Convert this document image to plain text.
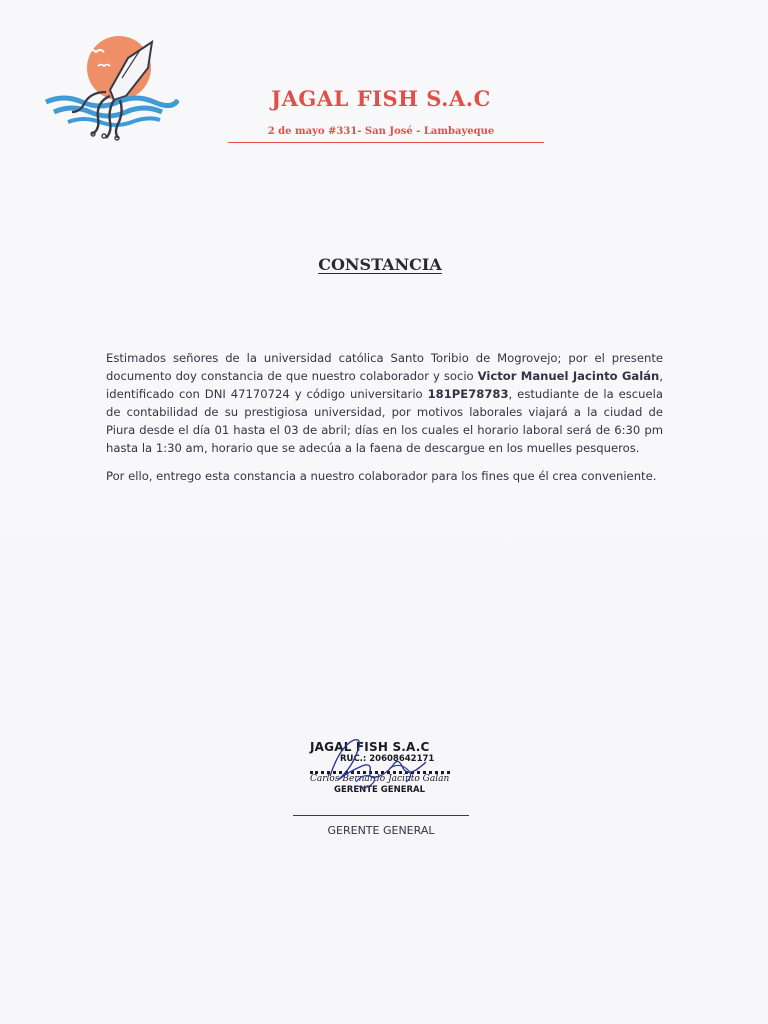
JAGAL FISH S.A.C
2 de mayo #331- San José - Lambayeque
CONSTANCIA

Estimados señores de la universidad católica Santo Toribio de Mogrovejo; por el presente documento doy constancia de que nuestro colaborador y socio Victor Manuel Jacinto Galán, identificado con DNI 47170724 y código universitario 181PE78783, estudiante de la escuela de contabilidad de su prestigiosa universidad, por motivos laborales viajará a la ciudad de Piura desde el día 01 hasta el 03 de abril; días en los cuales el horario laboral será de 6:30 pm hasta la 1:30 am, horario que se adecúa a la faena de descargue en los muelles pesqueros.

Por ello, entrego esta constancia a nuestro colaborador para los fines que él crea conveniente.

JAGAL FISH S.A.C
RUC.: 20608642171
Carlos Bernardo Jacinto Galán
GERENTE GENERAL
GERENTE GENERAL
